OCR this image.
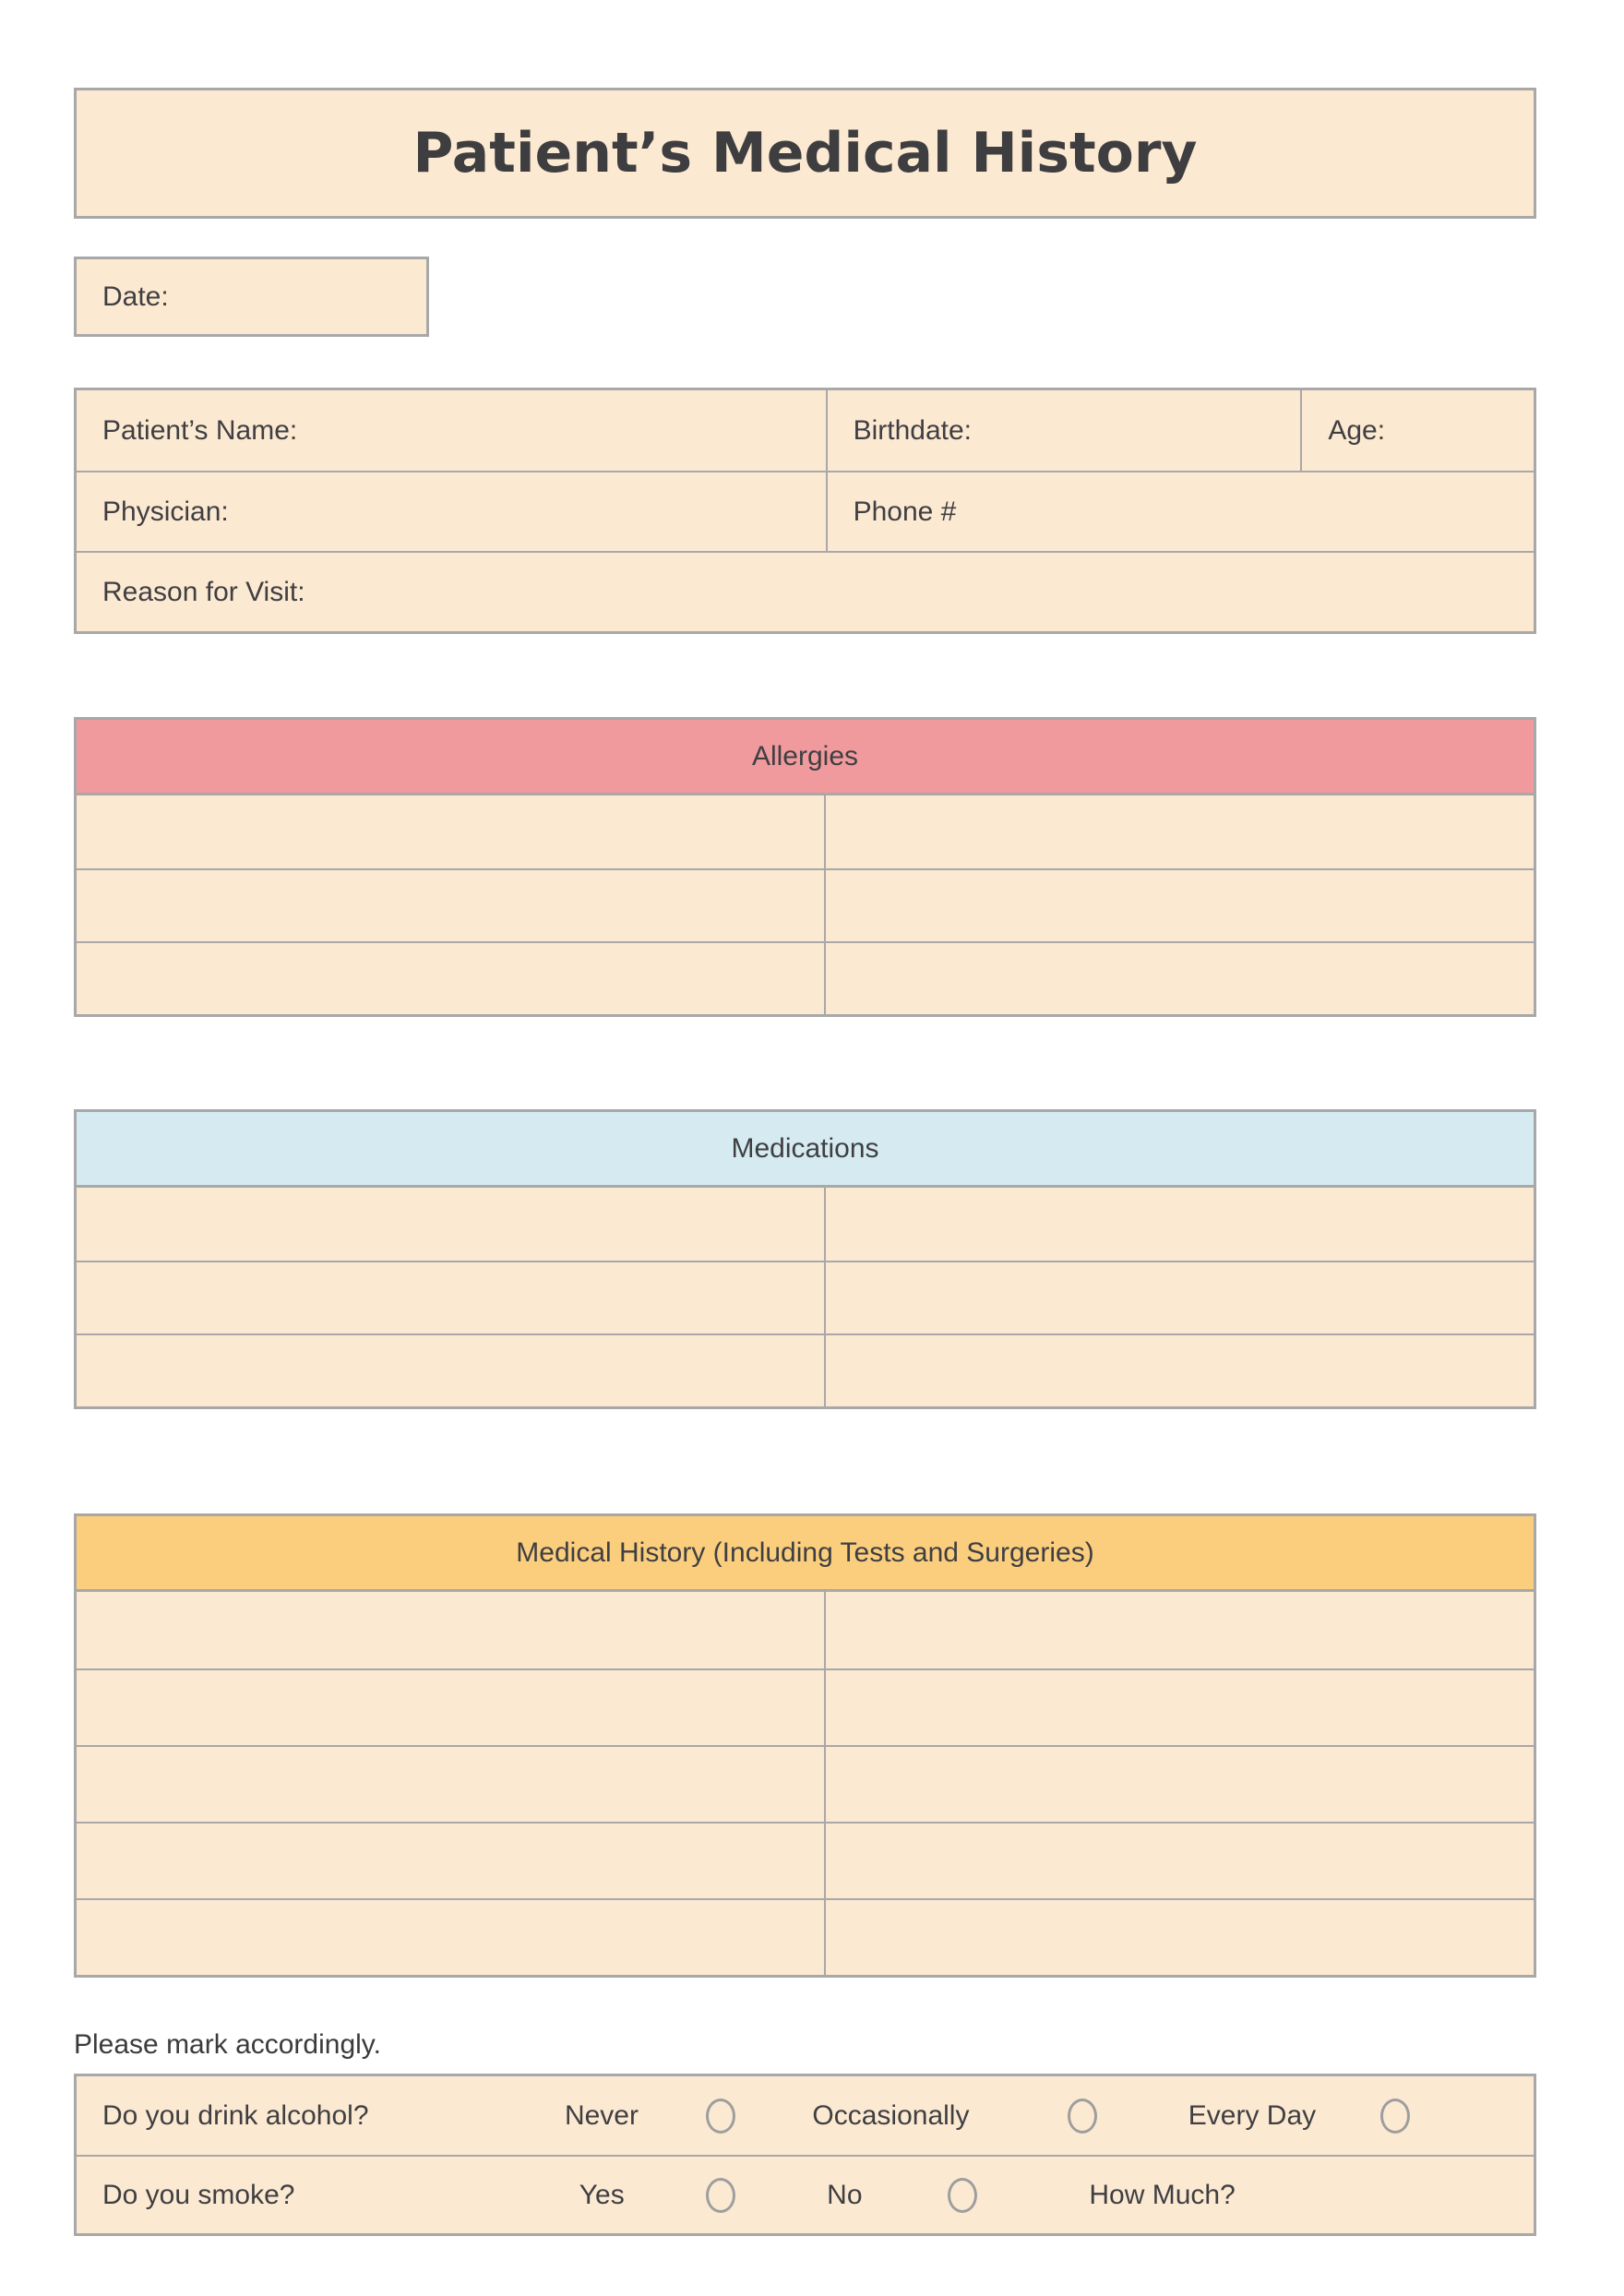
Patient’s Medical History
Date:
Patient’s Name:	Birthdate:	Age:
Physician:	Phone #
Reason for Visit:
Allergies
Medications
Medical History (Including Tests and Surgeries)

Please mark accordingly.

Do you drink alcohol?	Never	Occasionally	Every Day
Do you smoke?	Yes	No	How Much?
